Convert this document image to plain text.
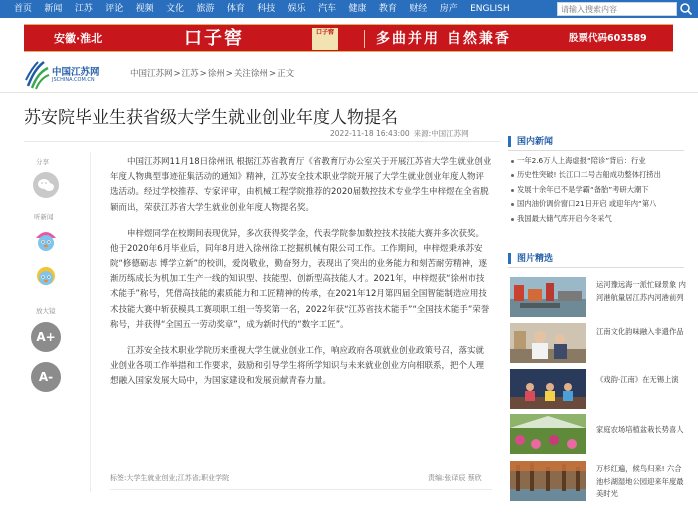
首页 新闻 江苏 评论 视频 文化 旅游 体育 科技 娱乐 汽车 健康 教育 财经 房产 ENGLISH
请输入搜索内容
安徽·淮北	口子窖	口子窖	多曲并用 自然兼香	股票代码603589
中国江苏网
JSCHINA.COM.CN
中国江苏网>江苏>徐州>关注徐州>正文
苏安院毕业生获省级大学生就业创业年度人物提名
2022-11-18 16:43:00 来源:中国江苏网
分享
听新闻
放大镜
A+
A-

中国江苏网11月18日徐州讯 根据江苏省教育厅《省教育厅办公室关于开展江苏省大学生就业创业年度人物典型事迹征集活动的通知》精神，江苏安全技术职业学院开展了大学生就业创业年度人物评选活动。经过学校推荐、专家评审，由机械工程学院推荐的2020届数控技术专业学生申梓煜在全省脱颖而出，荣获江苏省大学生就业创业年度人物提名奖。

申梓煜同学在校期间表现优异，多次获得奖学金，代表学院参加数控技术技能大赛并多次获奖。他于2020年6月毕业后，同年8月进入徐州徐工挖掘机械有限公司工作。工作期间，申梓煜秉承苏安院“修德砺志 博学立新”的校训，爱岗敬业，勤奋努力，表现出了突出的业务能力和刻苦耐劳精神，逐渐历练成长为机加工生产一线的知识型、技能型、创新型高技能人才。2021年，申梓煜获“徐州市技术能手”称号，凭借高技能的素质能力和工匠精神的传承，在2021年12月第四届全国智能制造应用技术技能大赛中斩获模具工赛项职工组一等奖第一名，2022年获“江苏省技术能手”“全国技术能手”荣誉称号，并获得“全国五一劳动奖章”，成为新时代的“数字工匠”。

江苏安全技术职业学院历来重视大学生就业创业工作，响应政府各项就业创业政策号召，落实就业创业各项工作举措和工作要求，鼓励和引导学生将所学知识与未来就业创业方向相联系，把个人理想融入国家发展大局中，为国家建设和发展贡献青春力量。

标签:大学生就业创业;江苏省;职业学院	责编:张译辰 蔡欣
国内新闻
一年2.6万人上海虚报“陪诊”背后：行业
历史性突破! 长江口二号古船成功整体打捞出
发展十余年已不是学霸“备胎”考研大潮下
国内油价调价窗口21日开启 或迎年内“第八
我国最大储气库开启今冬采气
图片精选
运河豫远海一派忙碌景象 内河港航量居江苏内河港前列
江南文化韵味融入非遗作品
《戏韵·江南》在无锡上演
家庭农场培植盆栽长势喜人
万杉红遍，候鸟归来! 六合池杉湖湿地公园迎来年度最美时光
